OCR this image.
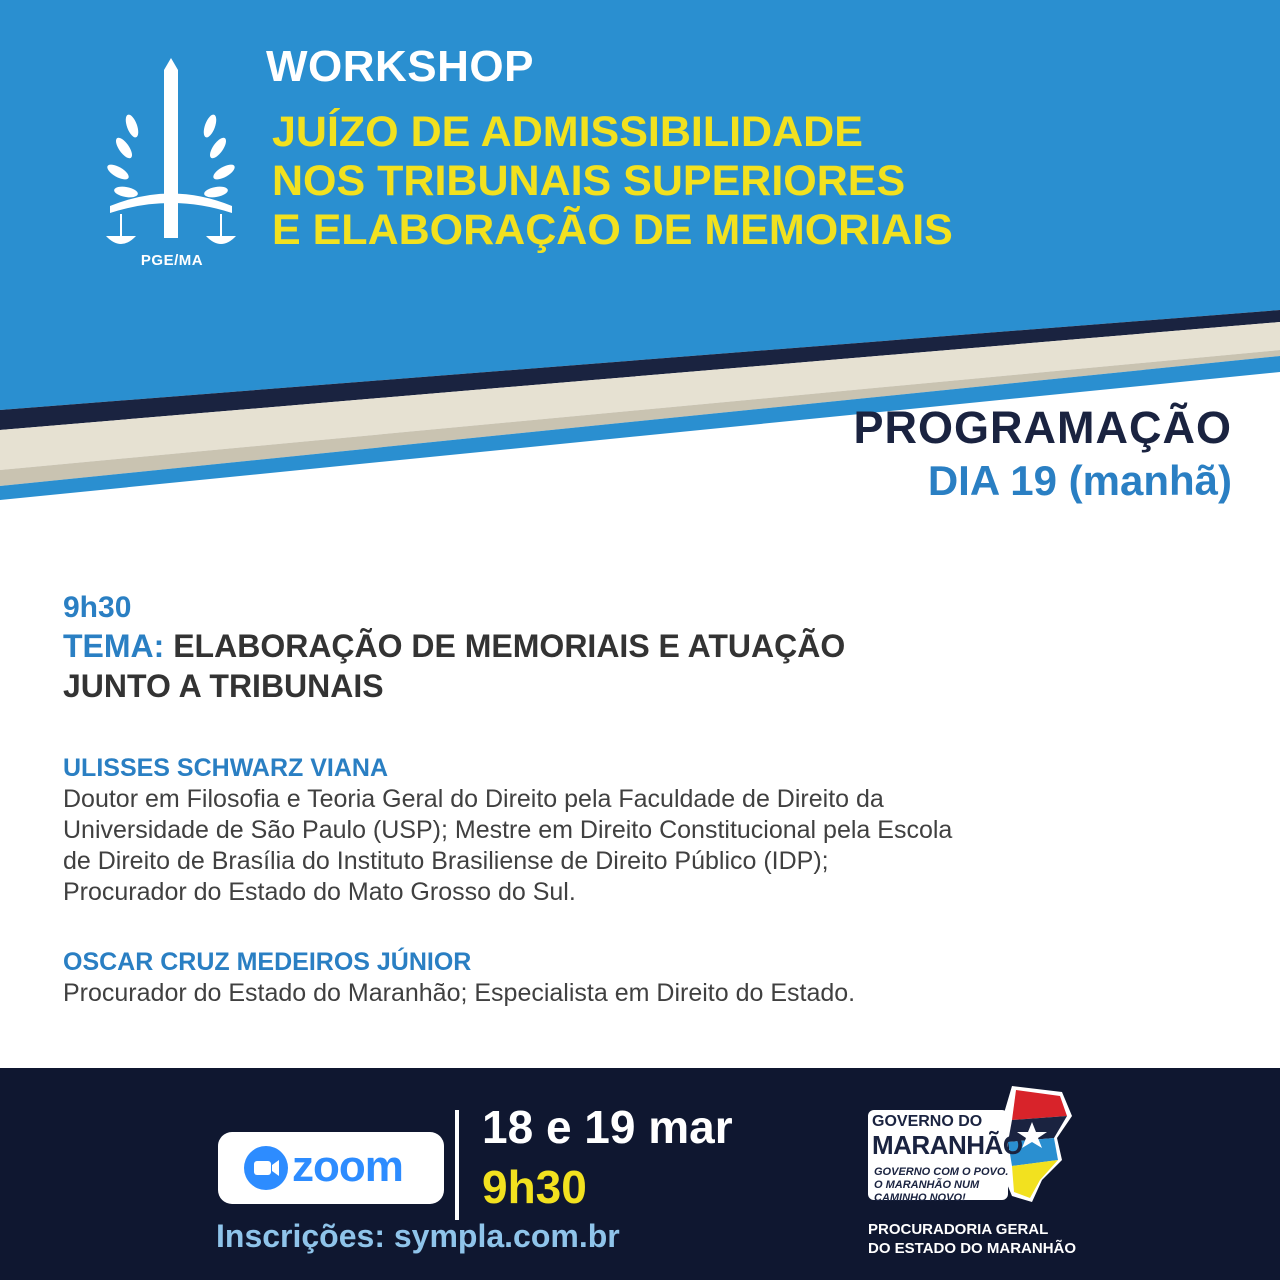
PGE/MA
WORKSHOP
JUÍZO DE ADMISSIBILIDADE
NOS TRIBUNAIS SUPERIORES
E ELABORAÇÃO DE MEMORIAIS
PROGRAMAÇÃO
DIA 19 (manhã)
9h30
TEMA: ELABORAÇÃO DE MEMORIAIS E ATUAÇÃO
JUNTO A TRIBUNAIS
ULISSES SCHWARZ VIANA
Doutor em Filosofia e Teoria Geral do Direito pela Faculdade de Direito da
Universidade de São Paulo (USP); Mestre em Direito Constitucional pela Escola
de Direito de Brasília do Instituto Brasiliense de Direito Público (IDP);
Procurador do Estado do Mato Grosso do Sul.
OSCAR CRUZ MEDEIROS JÚNIOR
Procurador do Estado do Maranhão; Especialista em Direito do Estado.
zoom
18 e 19 mar
9h30
Inscrições: sympla.com.br
GOVERNO DO
MARANHÃO
GOVERNO COM O POVO. O MARANHÃO NUM CAMINHO NOVO!
PROCURADORIA GERAL
DO ESTADO DO MARANHÃO
